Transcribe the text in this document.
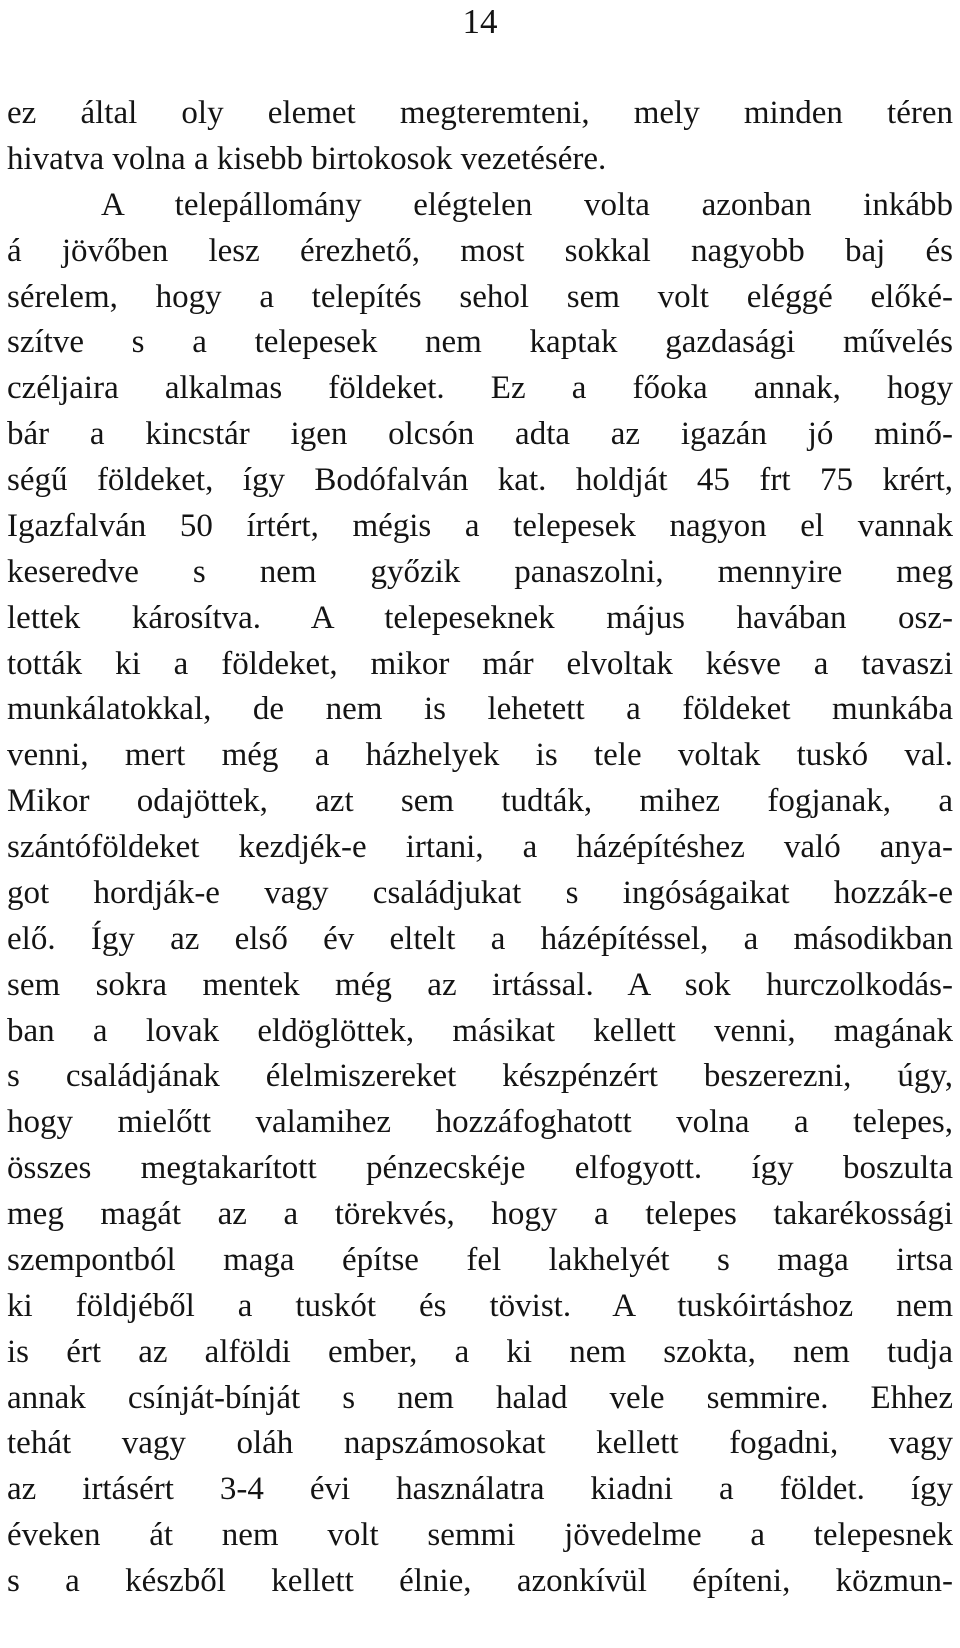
14
ez által oly elemet megteremteni, mely minden téren
hivatva volna a kisebb birtokosok vezetésére.
A telepállomány elégtelen volta azonban inkább
á jövőben lesz érezhető, most sokkal nagyobb baj és
sérelem, hogy a telepítés sehol sem volt eléggé előké-
szítve s a telepesek nem kaptak gazdasági művelés
czéljaira alkalmas földeket. Ez a főoka annak, hogy
bár a kincstár igen olcsón adta az igazán jó minő-
ségű földeket, így Bodófalván kat. holdját 45 frt 75 krért,
Igazfalván 50 írtért, mégis a telepesek nagyon el vannak
keseredve s nem győzik panaszolni, mennyire meg
lettek károsítva. A telepeseknek május havában osz-
tották ki a földeket, mikor már elvoltak késve a tavaszi
munkálatokkal, de nem is lehetett a földeket munkába
venni, mert még a házhelyek is tele voltak tuskó val.
Mikor odajöttek, azt sem tudták, mihez fogjanak, a
szántóföldeket kezdjék-e irtani, a házépítéshez való anya-
got hordják-e vagy családjukat s ingóságaikat hozzák-e
elő. Így az első év eltelt a házépítéssel, a másodikban
sem sokra mentek még az irtással. A sok hurczolkodás-
ban a lovak eldöglöttek, másikat kellett venni, magának
s családjának élelmiszereket készpénzért beszerezni, úgy,
hogy mielőtt valamihez hozzáfoghatott volna a telepes,
összes megtakarított pénzecskéje elfogyott. így boszulta
meg magát az a törekvés, hogy a telepes takarékossági
szempontból maga építse fel lakhelyét s maga irtsa
ki földjéből a tuskót és tövist. A tuskóirtáshoz nem
is ért az alföldi ember, a ki nem szokta, nem tudja
annak csínját-bínját s nem halad vele semmire. Ehhez
tehát vagy oláh napszámosokat kellett fogadni, vagy
az irtásért 3-4 évi használatra kiadni a földet. így
éveken át nem volt semmi jövedelme a telepesnek
s a készből kellett élnie, azonkívül építeni, közmun-
